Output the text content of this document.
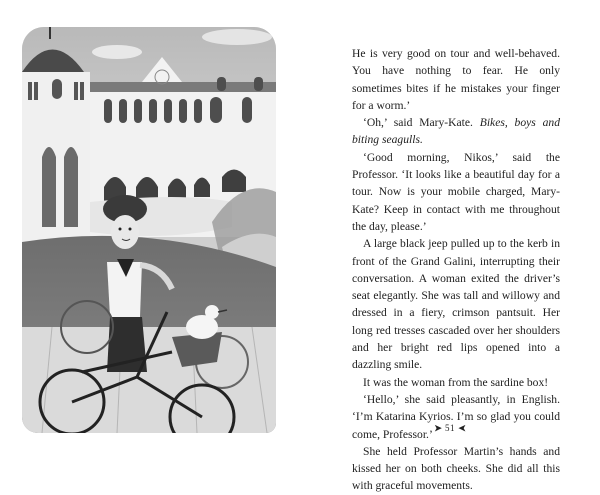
He is very good on tour and well-behaved. You have nothing to fear. He only sometimes bites if he mistakes your finger for a worm.’

‘Oh,’ said Mary-Kate. Bikes, boys and biting seagulls.

‘Good morning, Nikos,’ said the Professor. ‘It looks like a beautiful day for a tour. Now is your mobile charged, Mary-Kate? Keep in contact with me throughout the day, please.’

A large black jeep pulled up to the kerb in front of the Grand Galini, interrupting their conversation. A woman exited the driver’s seat elegantly. She was tall and willowy and dressed in a fiery, crimson pantsuit. Her long red tresses cascaded over her shoulders and her bright red lips opened into a dazzling smile.

It was the woman from the sardine box!

‘Hello,’ she said pleasantly, in English. ‘I’m Katarina Kyrios. I’m so glad you could come, Professor.’

She held Professor Martin’s hands and kissed her on both cheeks. She did all this with graceful movements.

➤ 51 ➤
